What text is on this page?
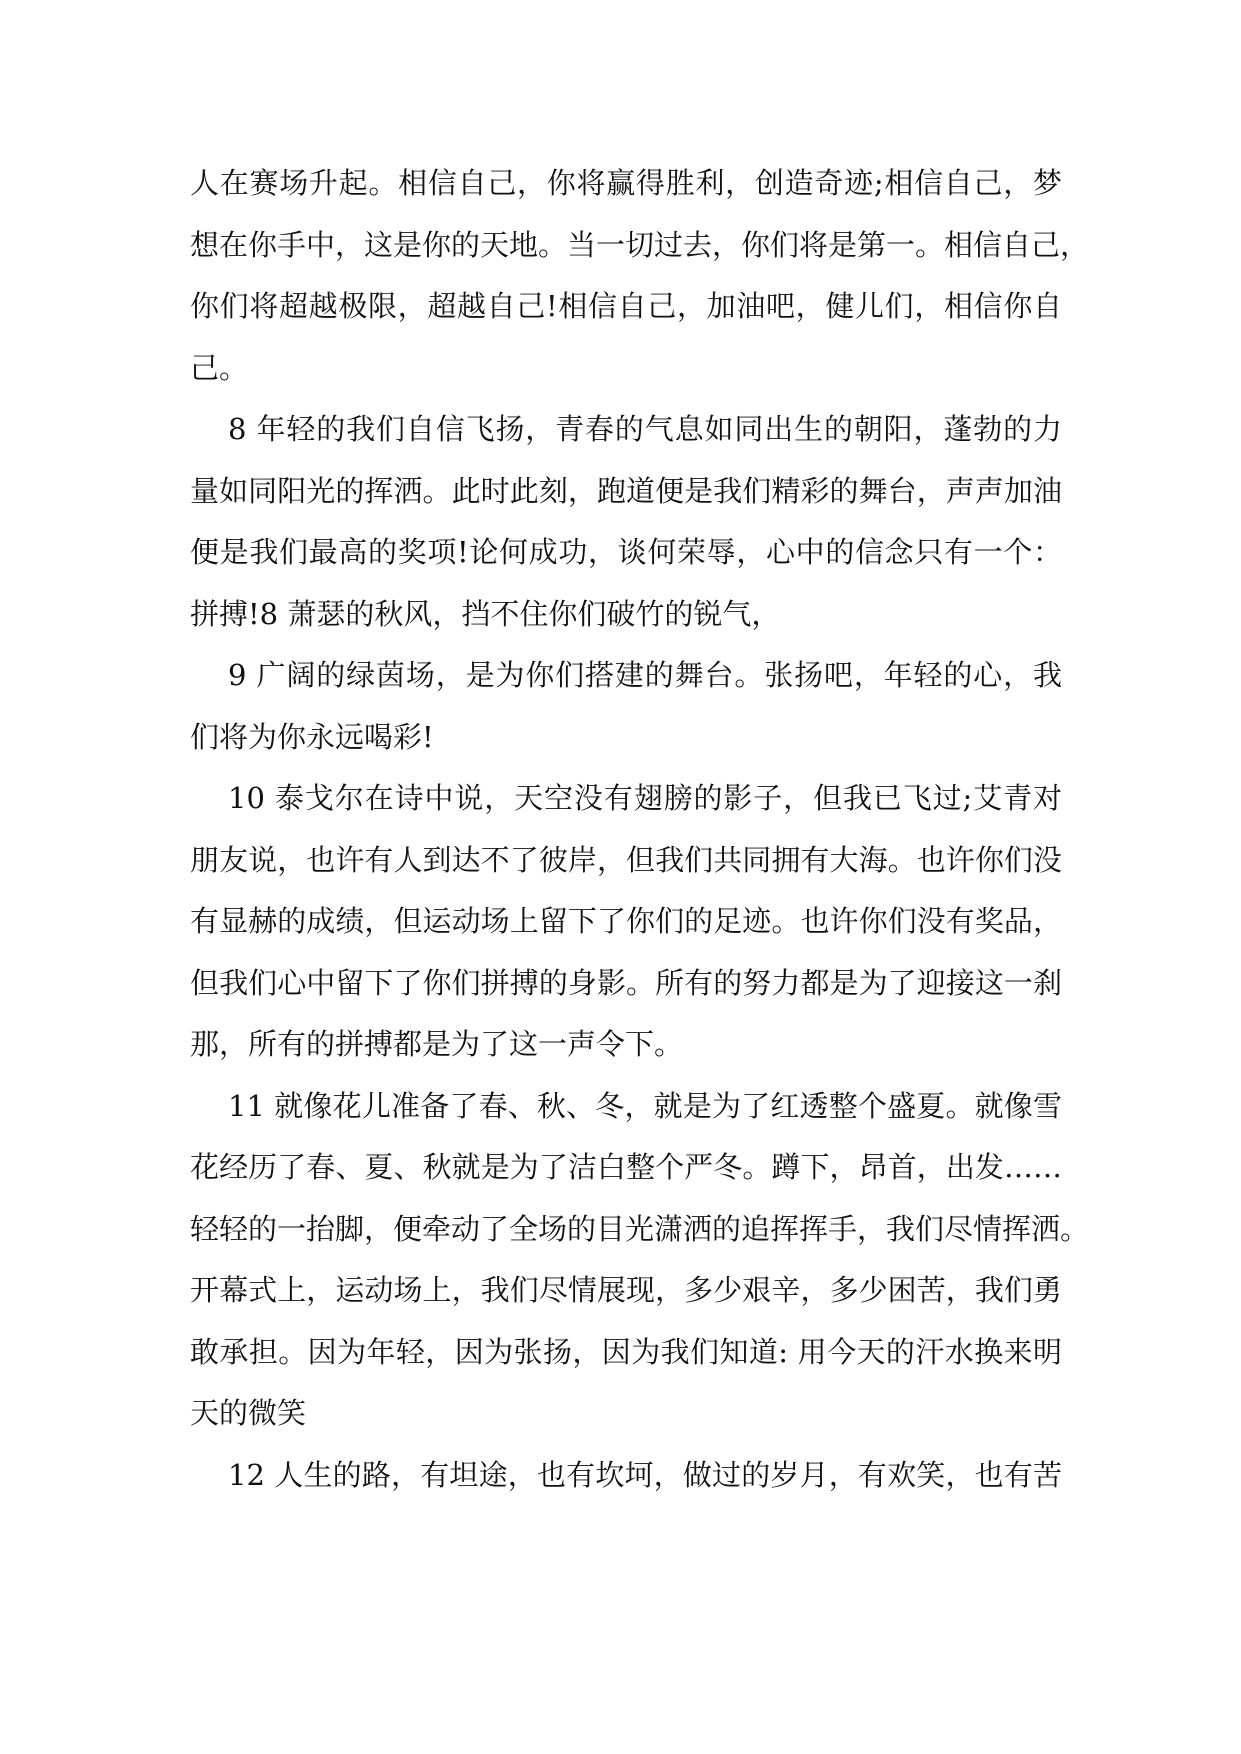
人在赛场升起。相信自己，你将赢得胜利，创造奇迹;相信自己，梦
想在你手中，这是你的天地。当一切过去，你们将是第一。相信自己，
你们将超越极限，超越自己!相信自己，加油吧，健儿们，相信你自
己。
8 年轻的我们自信飞扬，青春的气息如同出生的朝阳，蓬勃的力
量如同阳光的挥洒。此时此刻，跑道便是我们精彩的舞台，声声加油
便是我们最高的奖项!论何成功，谈何荣辱，心中的信念只有一个：
拼搏!8 萧瑟的秋风，挡不住你们破竹的锐气，
9 广阔的绿茵场，是为你们搭建的舞台。张扬吧，年轻的心，我
们将为你永远喝彩!
10 泰戈尔在诗中说，天空没有翅膀的影子，但我已飞过;艾青对
朋友说，也许有人到达不了彼岸，但我们共同拥有大海。也许你们没
有显赫的成绩，但运动场上留下了你们的足迹。也许你们没有奖品，
但我们心中留下了你们拼搏的身影。所有的努力都是为了迎接这一刹
那，所有的拼搏都是为了这一声令下。
11 就像花儿准备了春、秋、冬，就是为了红透整个盛夏。就像雪
花经历了春、夏、秋就是为了洁白整个严冬。蹲下，昂首，出发……
轻轻的一抬脚，便牵动了全场的目光潇洒的追挥挥手，我们尽情挥洒。
开幕式上，运动场上，我们尽情展现，多少艰辛，多少困苦，我们勇
敢承担。因为年轻，因为张扬，因为我们知道: 用今天的汗水换来明
天的微笑
12 人生的路，有坦途，也有坎坷，做过的岁月，有欢笑，也有苦
